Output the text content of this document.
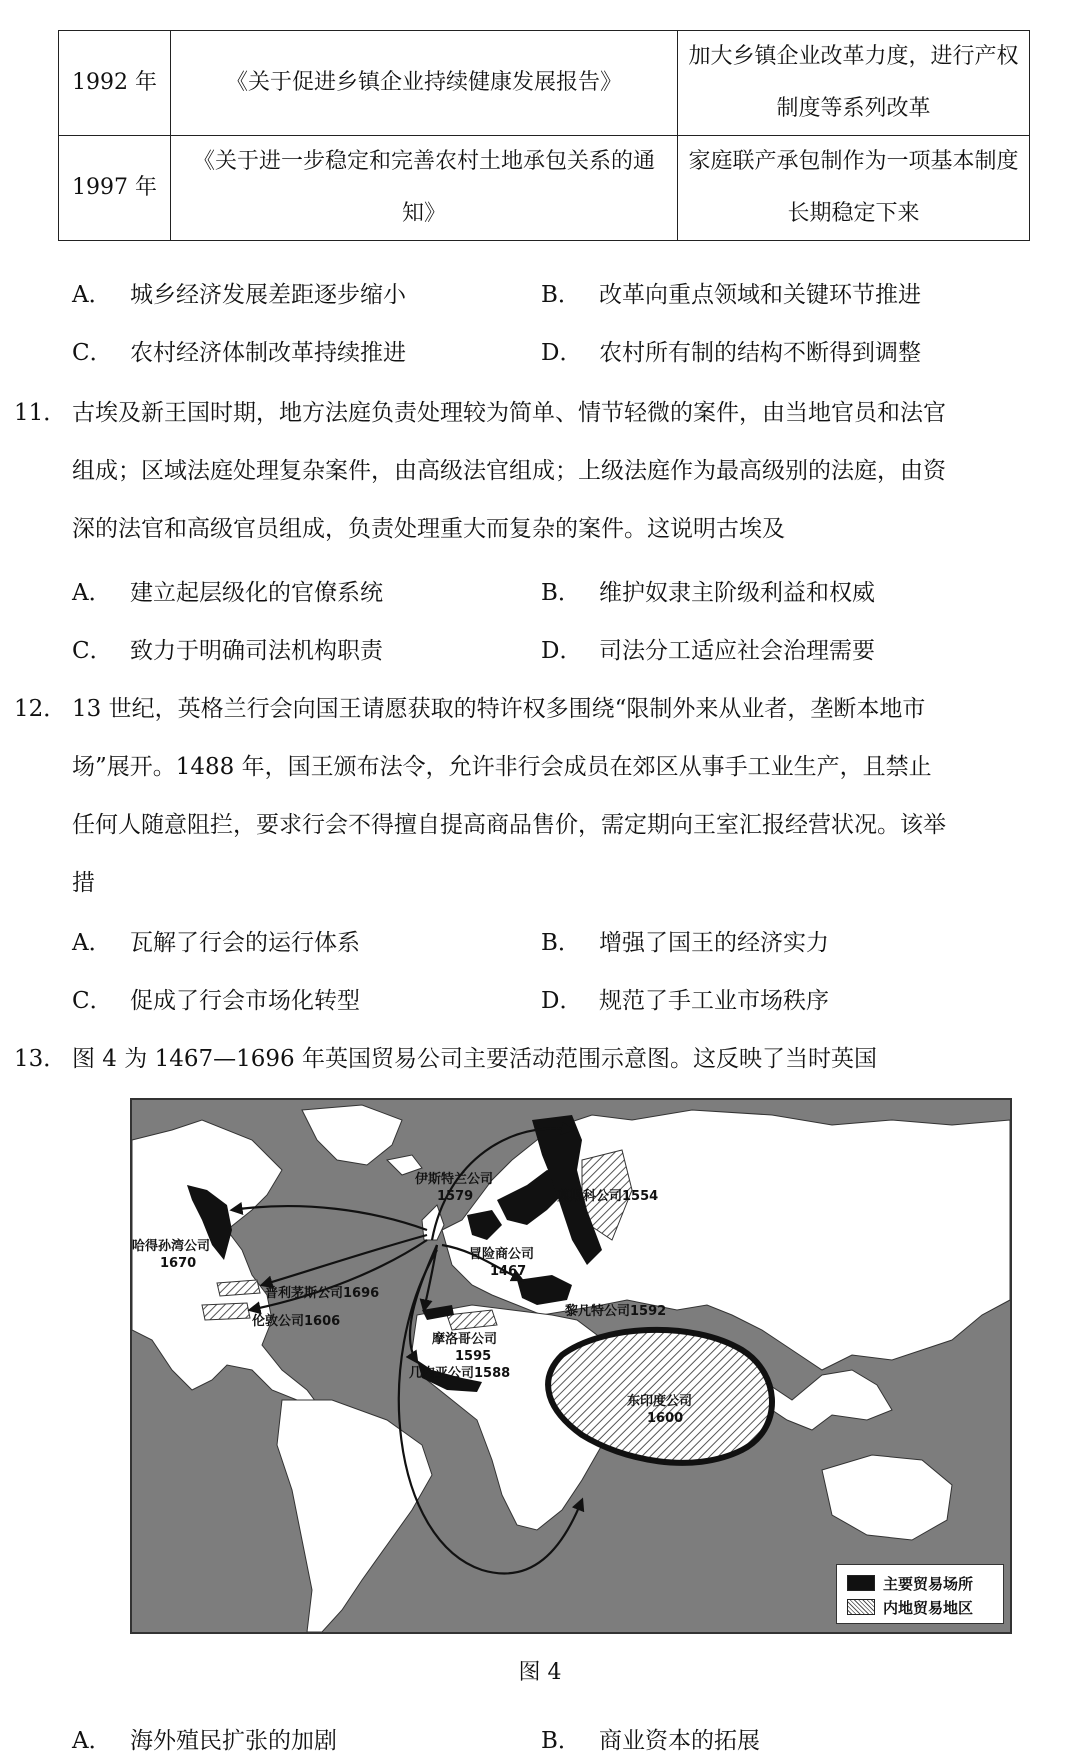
1992 年	《关于促进乡镇企业持续健康发展报告》	加大乡镇企业改革力度，进行产权制度等系列改革
1997 年	《关于进一步稳定和完善农村土地承包关系的通知》	家庭联产承包制作为一项基本制度长期稳定下来
A． 城乡经济发展差距逐步缩小	B． 改革向重点领域和关键环节推进
C． 农村经济体制改革持续推进	D． 农村所有制的结构不断得到调整
11． 古埃及新王国时期，地方法庭负责处理较为简单、情节轻微的案件，由当地官员和法官
组成；区域法庭处理复杂案件，由高级法官组成；上级法庭作为最高级别的法庭，由资
深的法官和高级官员组成，负责处理重大而复杂的案件。这说明古埃及
A． 建立起层级化的官僚系统	B． 维护奴隶主阶级利益和权威
C． 致力于明确司法机构职责	D． 司法分工适应社会治理需要
12． 13 世纪，英格兰行会向国王请愿获取的特许权多围绕“限制外来从业者，垄断本地市
场”展开。1488 年，国王颁布法令，允许非行会成员在郊区从事手工业生产，且禁止
任何人随意阻拦，要求行会不得擅自提高商品售价，需定期向王室汇报经营状况。该举
措
A． 瓦解了行会的运行体系	B． 增强了国王的经济实力
C． 促成了行会市场化转型	D． 规范了手工业市场秩序
13． 图 4 为 1467—1696 年英国贸易公司主要活动范围示意图。这反映了当时英国
伊斯特兰公司
1579	莫斯科公司1554
哈得孙湾公司
1670
冒险商公司
1467
普利茅斯公司1696
黎凡特公司1592
伦敦公司1606
摩洛哥公司
1595
几内亚公司1588
东印度公司
1600
主要贸易场所
内地贸易地区
图 4
A． 海外殖民扩张的加剧	B． 商业资本的拓展
